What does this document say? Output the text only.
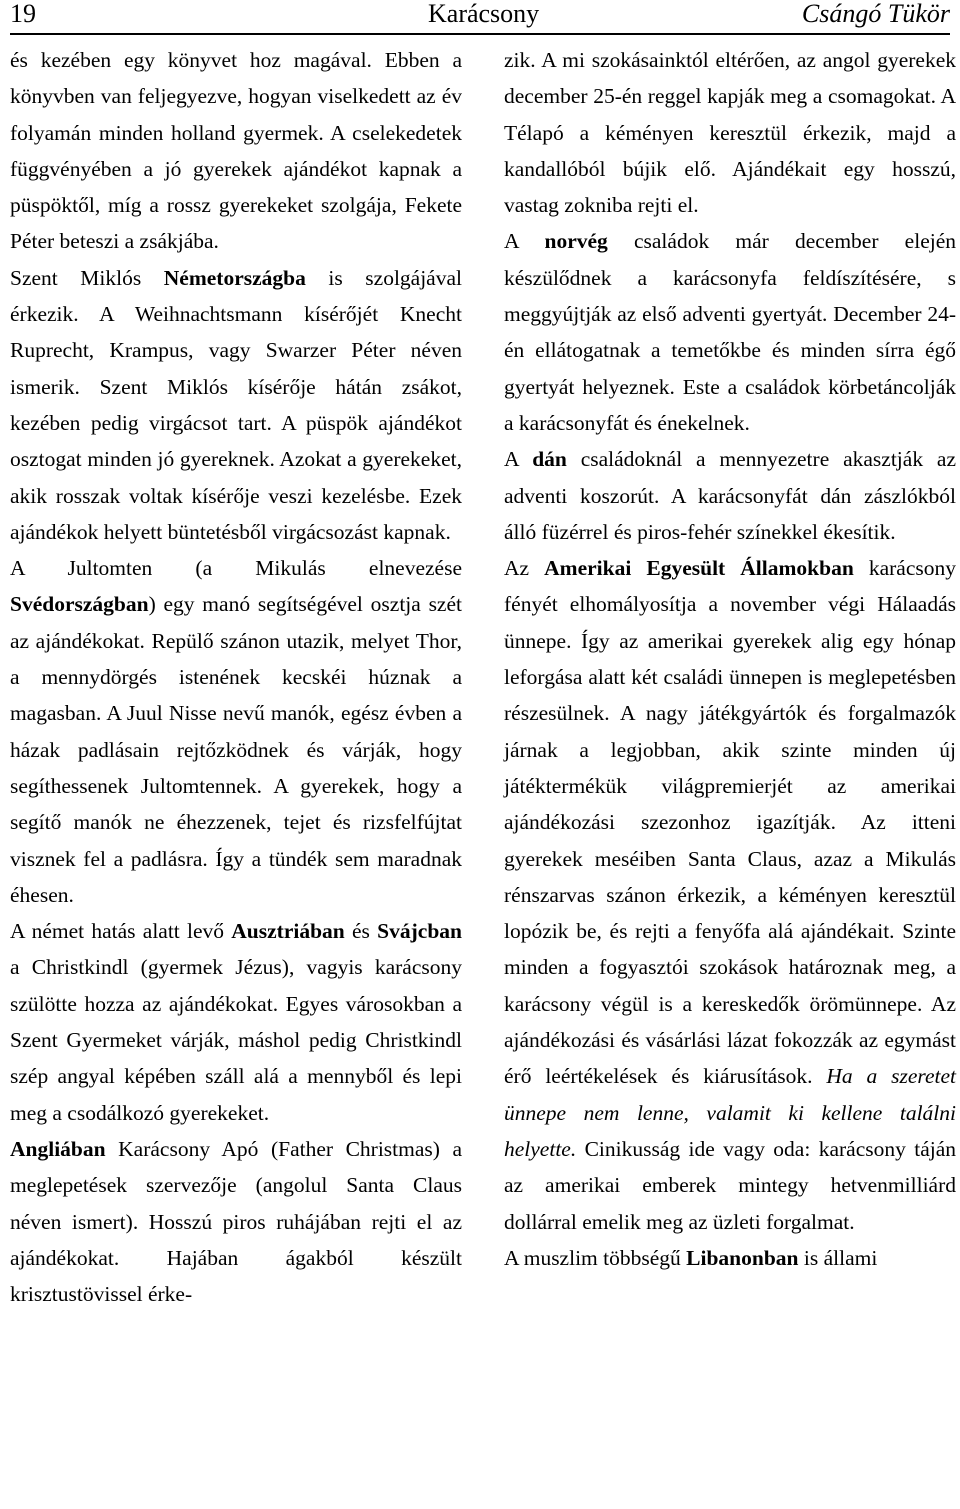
19	Karácsony	Csángó Tükör

és kezében egy könyvet hoz magával. Ebben a könyvben van feljegyezve, hogyan viselkedett az év folyamán minden holland gyermek. A cselekedetek függvényében a jó gyerekek ajándékot kapnak a püspöktől, míg a rossz gyerekeket szolgája, Fekete Péter beteszi a zsákjába.

Szent Miklós Németországba is szolgájával érkezik. A Weihnachtsmann kísérőjét Knecht Ruprecht, Krampus, vagy Swarzer Péter néven ismerik. Szent Miklós kísérője hátán zsákot, kezében pedig virgácsot tart. A püspök ajándékot osztogat minden jó gyereknek. Azokat a gyerekeket, akik rosszak voltak kísérője veszi kezelésbe. Ezek ajándékok helyett büntetésből virgácsozást kapnak.

A Jultomten (a Mikulás elnevezése Svédországban) egy manó segítségével osztja szét az ajándékokat. Repülő szánon utazik, melyet Thor, a mennydörgés istenének kecskéi húznak a magasban. A Juul Nisse nevű manók, egész évben a házak padlásain rejtőzködnek és várják, hogy segíthessenek Jultomtennek. A gyerekek, hogy a segítő manók ne éhezzenek, tejet és rizsfelfújtat visznek fel a padlásra. Így a tündék sem maradnak éhesen.

A német hatás alatt levő Ausztriában és Svájcban a Christkindl (gyermek Jézus), vagyis karácsony szülötte hozza az ajándékokat. Egyes városokban a Szent Gyermeket várják, máshol pedig Christkindl szép angyal képében száll alá a mennyből és lepi meg a csodálkozó gyerekeket.

Angliában Karácsony Apó (Father Christmas) a meglepetések szervezője (angolul Santa Claus néven ismert). Hosszú piros ruhájában rejti el az ajándékokat. Hajában ágakból készült krisztustövissel érke-

zik. A mi szokásainktól eltérően, az angol gyerekek december 25-én reggel kapják meg a csomagokat. A Télapó a kéményen keresztül érkezik, majd a kandallóból bújik elő. Ajándékait egy hosszú, vastag zokniba rejti el.

A norvég családok már december elején készülődnek a karácsonyfa feldíszítésére, s meggyújtják az első adventi gyertyát. December 24-én ellátogatnak a temetőkbe és minden sírra égő gyertyát helyeznek. Este a családok körbetáncolják a karácsonyfát és énekelnek.

A dán családoknál a mennyezetre akasztják az adventi koszorút. A karácsonyfát dán zászlókból álló füzérrel és piros-fehér színekkel ékesítik.

Az Amerikai Egyesült Államokban karácsony fényét elhomályosítja a november végi Hálaadás ünnepe. Így az amerikai gyerekek alig egy hónap leforgása alatt két családi ünnepen is meglepetésben részesülnek. A nagy játékgyártók és forgalmazók járnak a legjobban, akik szinte minden új játéktermékük világpremierjét az amerikai ajándékozási szezonhoz igazítják. Az itteni gyerekek meséiben Santa Claus, azaz a Mikulás rénszarvas szánon érkezik, a kéményen keresztül lopózik be, és rejti a fenyőfa alá ajándékait. Szinte minden a fogyasztói szokások határoznak meg, a karácsony végül is a kereskedők örömünnepe. Az ajándékozási és vásárlási lázat fokozzák az egymást érő leértékelések és kiárusítások. Ha a szeretet ünnepe nem lenne, valamit ki kellene találni helyette. Cinikusság ide vagy oda: karácsony táján az amerikai emberek mintegy hetvenmilliárd dollárral emelik meg az üzleti forgalmat.

A muszlim többségű Libanonban is állami
